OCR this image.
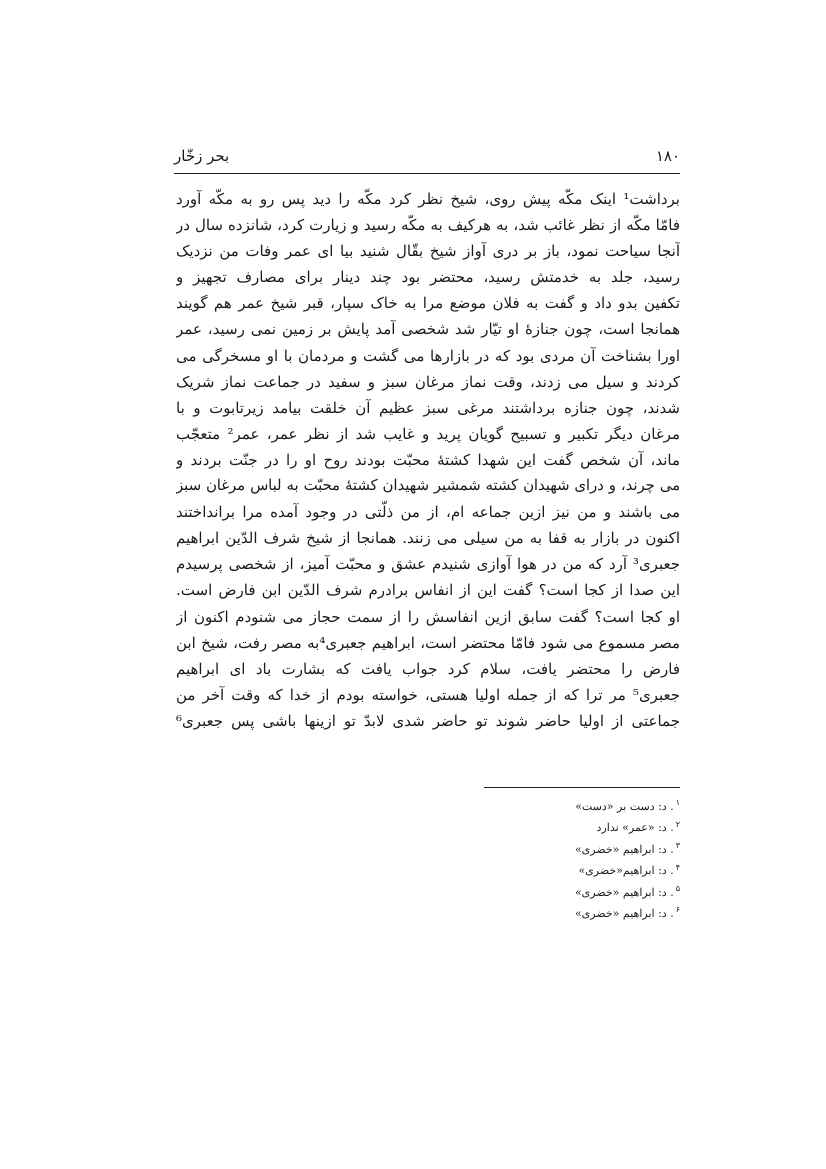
۱۸۰
بحر زخّار
برداشت¹ اینک مکّه پیش روی، شیخ نظر کرد مکّه را دید پس رو به مکّه آورد
فامّا مکّه از نظر غائب شد، به هرکیف به مکّه رسید و زیارت کرد، شانزده سال در
آنجا سیاحت نمود، باز بر دری آواز شیخ بقّال شنید بیا ای عمر وفات من نزدیک
رسید، جلد به خدمتش رسید، محتضر بود چند دینار برای مصارف تجهیز و
تکفین بدو داد و گفت به فلان موضع مرا به خاک سپار، قبر شیخ عمر هم گویند
همانجا است، چون جنازهٔ او تیّار شد شخصی آمد پایش بر زمین نمی رسید، عمر
اورا بشناخت آن مردی بود که در بازارها می گشت و مردمان با او مسخرگی می
کردند و سیل می زدند، وقت نماز مرغان سبز و سفید در جماعت نماز شریک
شدند، چون جنازه برداشتند مرغی سبز عظیم آن خلقت بیامد زیرتابوت و با
مرغان دیگر تکبیر و تسبیح گویان پرید و غایب شد از نظر عمر، عمر² متعجّب
ماند، آن شخص گفت این شهدا کشتهٔ محبّت بودند روح او را در جنّت بردند و
می چرند، و درای شهیدان کشته شمشیر شهیدان کشتهٔ محبّت به لباس مرغان سبز
می باشند و من نیز ازین جماعه ام، از من ذلّتی در وجود آمده مرا برانداختند
اکنون در بازار به قفا به من سیلی می زنند. همانجا از شیخ شرف الدّین ابراهیم
جعبری³ آرد که من در هوا آوازی شنیدم عشق و محبّت آمیز، از شخصی پرسیدم
این صدا از کجا است؟ گفت این از انفاس برادرم شرف الدّین ابن فارض است.
او کجا است؟ گفت سابق ازین انفاسش را از سمت حجاز می شنودم اکنون از
مصر مسموع می شود فامّا محتضر است، ابراهیم جعبری⁴به مصر رفت، شیخ ابن
فارض را محتضر یافت، سلام کرد جواب یافت که بشارت باد ای ابراهیم
جعبری⁵ مر ترا که از جمله اولیا هستی، خواسته بودم از خدا که وقت آخر من
جماعتی از اولیا حاضر شوند تو حاضر شدی لابدّ تو ازینها باشی پس جعبری⁶
$^۱$. د: دست بر «دست»
$^۲$. د: «عمر» ندارد
$^۳$. د: ابراهیم «خضری»
$^۴$. د: ابراهیم«خضری»
$^۵$. د: ابراهیم «خضری»
$^۶$. د: ابراهیم «خضری»
